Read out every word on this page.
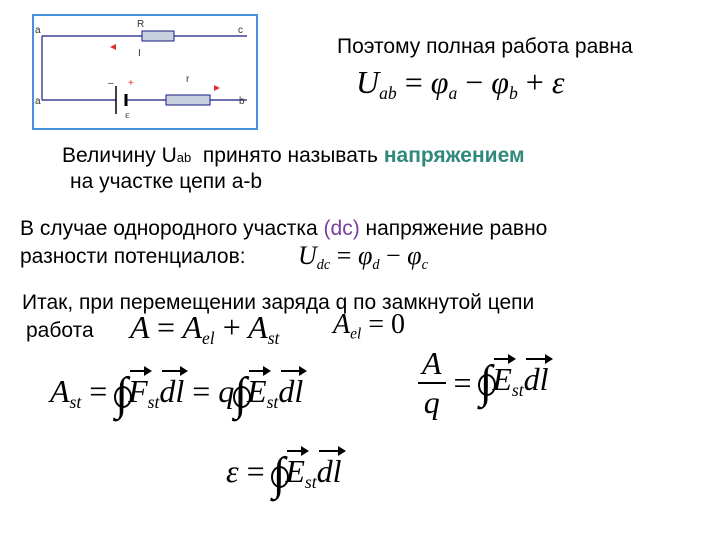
R
a	c
I
– +
ε
r
a	b
Поэтому полная работа равна
$U_{ab} = \varphi_a - \varphi_b + \varepsilon$
Величину Uab  принято называть напряжением
на участке цепи a-b
В случае однородного участка (dc) напряжение равно
разности потенциалов: $U_{dc} = \varphi_d - \varphi_c$
Итак, при перемещении заряда q по замкнутой цепи
работа $A = A_{el} + A_{st}$ $A_{el} = 0$
$A_{st} = \int F_{st}dl = q\int E_{st}dl$	$\frac{A}{q} = \int E_{st}dl$
$\varepsilon = \int E_{st}dl$
